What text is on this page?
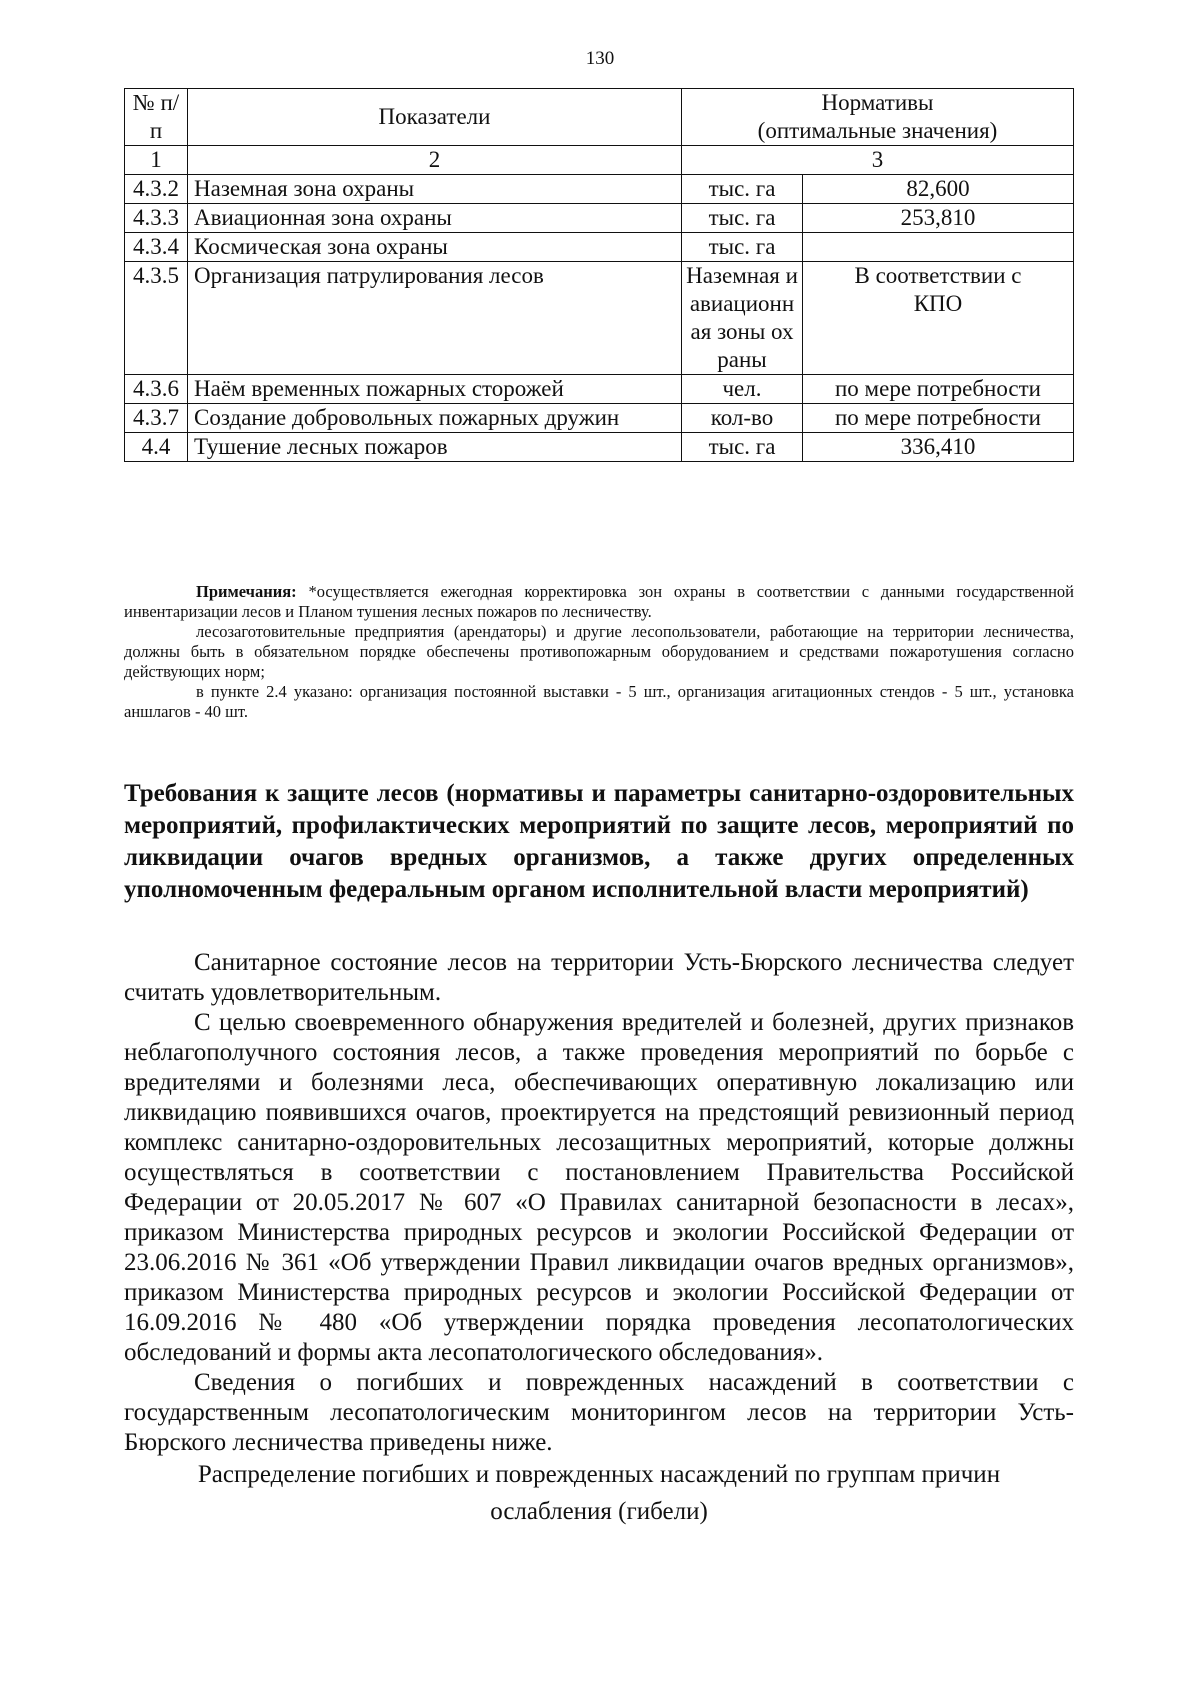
130
№ п/п	Показатели	Нормативы
(оптимальные значения)	

1	2	3	
4.3.2	Наземная зона охраны	тыс. га	82,600
4.3.3	Авиационная зона охраны	тыс. га	253,810
4.3.4	Космическая зона охраны	тыс. га	
4.3.5	Организация патрулирования лесов	Наземная и авиационная зоны охраны	В соответствии с КПО
4.3.6	Наём временных пожарных сторожей	чел.	по мере потребности
4.3.7	Создание добровольных пожарных дружин	кол-во	по мере потребности
4.4	Тушение лесных пожаров	тыс. га	336,410

Примечания: *осуществляется ежегодная корректировка зон охраны в соответствии с данными государственной инвентаризации лесов и Планом тушения лесных пожаров по лесничеству.

лесозаготовительные предприятия (арендаторы) и другие лесопользователи, работающие на территории лесничества, должны быть в обязательном порядке обеспечены противопожарным оборудованием и средствами пожаротушения согласно действующих норм;

в пункте 2.4 указано: организация постоянной выставки - 5 шт., организация агитационных стендов - 5 шт., установка аншлагов - 40 шт.

Требования к защите лесов (нормативы и параметры санитарно-оздоровительных мероприятий, профилактических мероприятий по защите лесов, мероприятий по ликвидации очагов вредных организмов, а также других определенных уполномоченным федеральным органом исполнительной власти мероприятий)

Санитарное состояние лесов на территории Усть-Бюрского лесничества следует считать удовлетворительным.

С целью своевременного обнаружения вредителей и болезней, других признаков неблагополучного состояния лесов, а также проведения мероприятий по борьбе с вредителями и болезнями леса, обеспечивающих оперативную локализацию или ликвидацию появившихся очагов, проектируется на предстоящий ревизионный период комплекс санитарно-оздоровительных лесозащитных мероприятий, которые должны осуществляться в соответствии с постановлением Правительства Российской Федерации от 20.05.2017 № 607 «О Правилах санитарной безопасности в лесах», приказом Министерства природных ресурсов и экологии Российской Федерации от 23.06.2016 № 361 «Об утверждении Правил ликвидации очагов вредных организмов», приказом Министерства природных ресурсов и экологии Российской Федерации от 16.09.2016 № 480 «Об утверждении порядка проведения лесопатологических обследований и формы акта лесопатологического обследования».

Сведения о погибших и поврежденных насаждений в соответствии с государственным лесопатологическим мониторингом лесов на территории Усть-Бюрского лесничества приведены ниже.

Распределение погибших и поврежденных насаждений по группам причин
ослабления (гибели)
